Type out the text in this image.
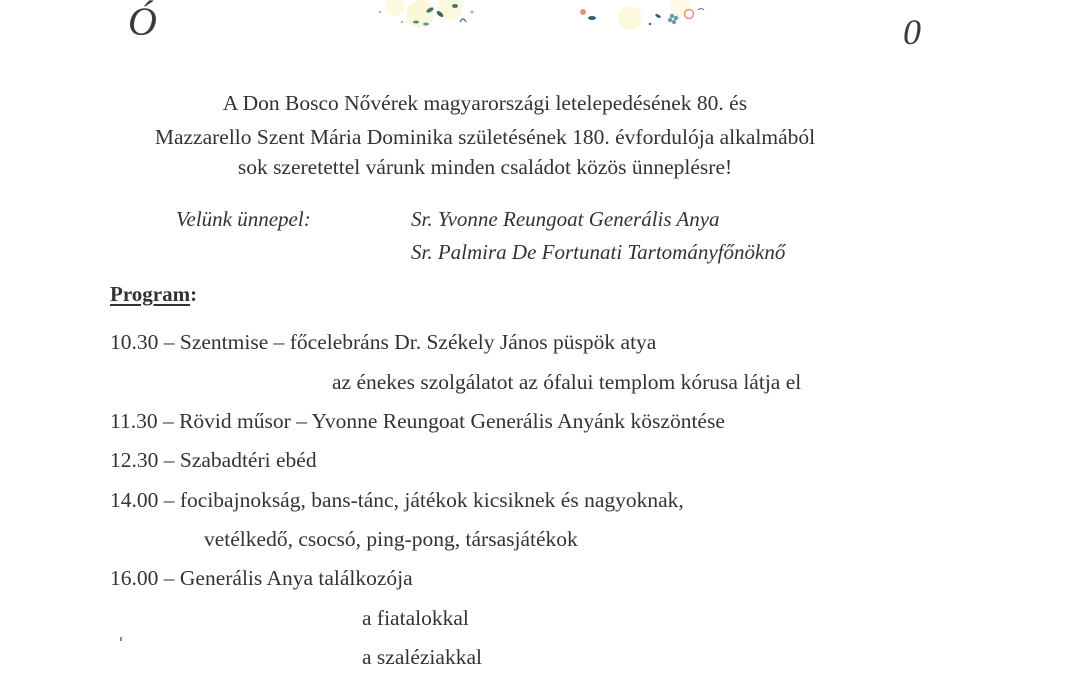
Ó	0
A Don Bosco Nővérek magyarországi letelepedésének 80. és
Mazzarello Szent Mária Dominika születésének 180. évfordulója alkalmából
sok szeretettel várunk minden családot közös ünneplésre!
Velünk ünnepel:	Sr. Yvonne Reungoat Generális Anya
Sr. Palmira De Fortunati Tartományfőnöknő
Program:
10.30 – Szentmise – főcelebráns Dr. Székely János püspök atya
az énekes szolgálatot az ófalui templom kórusa látja el
11.30 – Rövid műsor – Yvonne Reungoat Generális Anyánk köszöntése
12.30 – Szabadtéri ebéd
14.00 – focibajnokság, bans-tánc, játékok kicsiknek és nagyoknak,
vetélkedő, csocsó, ping-pong, társasjátékok
16.00 – Generális Anya találkozója
a fiatalokkal
a szaléziakkal
